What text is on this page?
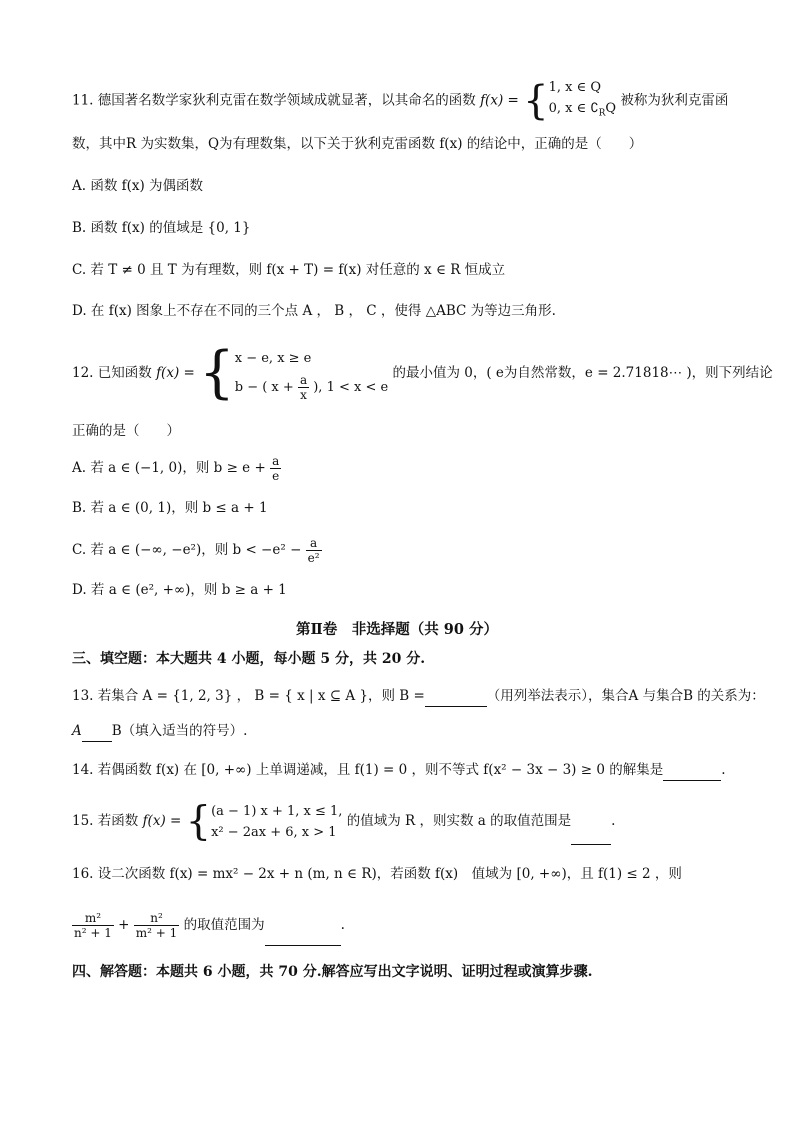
11. 德国著名数学家狄利克雷在数学领域成就显著，以其命名的函数 f(x) = { 1, x ∈ Q
0, x ∈ $∁_RQ$
被称为狄利克雷函
数，其中R 为实数集，Q为有理数集，以下关于狄利克雷函数 f(x) 的结论中，正确的是（　　）
A. 函数 f(x) 为偶函数
B. 函数 f(x) 的值域是 {0, 1}
C. 若 T ≠ 0 且 T 为有理数，则 f(x + T) = f(x) 对任意的 x ∈ R 恒成立
D. 在 f(x) 图象上不存在不同的三个点 A ， B ， C ，使得 △ABC 为等边三角形.
12. 已知函数 f(x) = { x − e, x ≥ e
b − ( $x + \frac{a}{x}$ ), 1 < x < e
的最小值为 0，( e为自然常数，e = 2.71818⋯ )，则下列结论
正确的是（　　）
A. 若 a ∈ (−1, 0)，则 $b \ge e + \frac{a}{e}$
B. 若 a ∈ (0, 1)，则 b ≤ a + 1
C. 若 a ∈ (−∞, −e²)，则 $b < -e^2 - \frac{a}{\text{e²}}$
D. 若 a ∈ (e², +∞)，则 b ≥ a + 1
第Ⅱ卷　非选择题（共 90 分）
三、填空题：本大题共 4 小题，每小题 5 分，共 20 分.
13. 若集合 A = {1, 2, 3} ， B = { x | x ⊆ A }，则 B =	（用列举法表示），集合A 与集合B 的关系为：
A B（填入适当的符号）.
14. 若偶函数 f(x) 在 [0, +∞) 上单调递减，且 f(1) = 0 ，则不等式 f(x² − 3x − 3) ≥ 0 的解集是	.
15. 若函数 f(x) = { (a − 1) x + 1, x ≤ 1,
x² − 2ax + 6, x > 1
的值域为 R ，则实数 a 的取值范围是	.
16. 设二次函数 f(x) = mx² − 2x + n (m, n ∈ R)，若函数 f(x)　值域为 [0, +∞)，且 f(1) ≤ 2 ，则
$\frac{\text{m²}}{\text{n² + 1}} + \frac{\text{n²}}{\text{m² + 1}}$ 的取值范围为	.
四、解答题：本题共 6 小题，共 70 分.解答应写出文字说明、证明过程或演算步骤.
